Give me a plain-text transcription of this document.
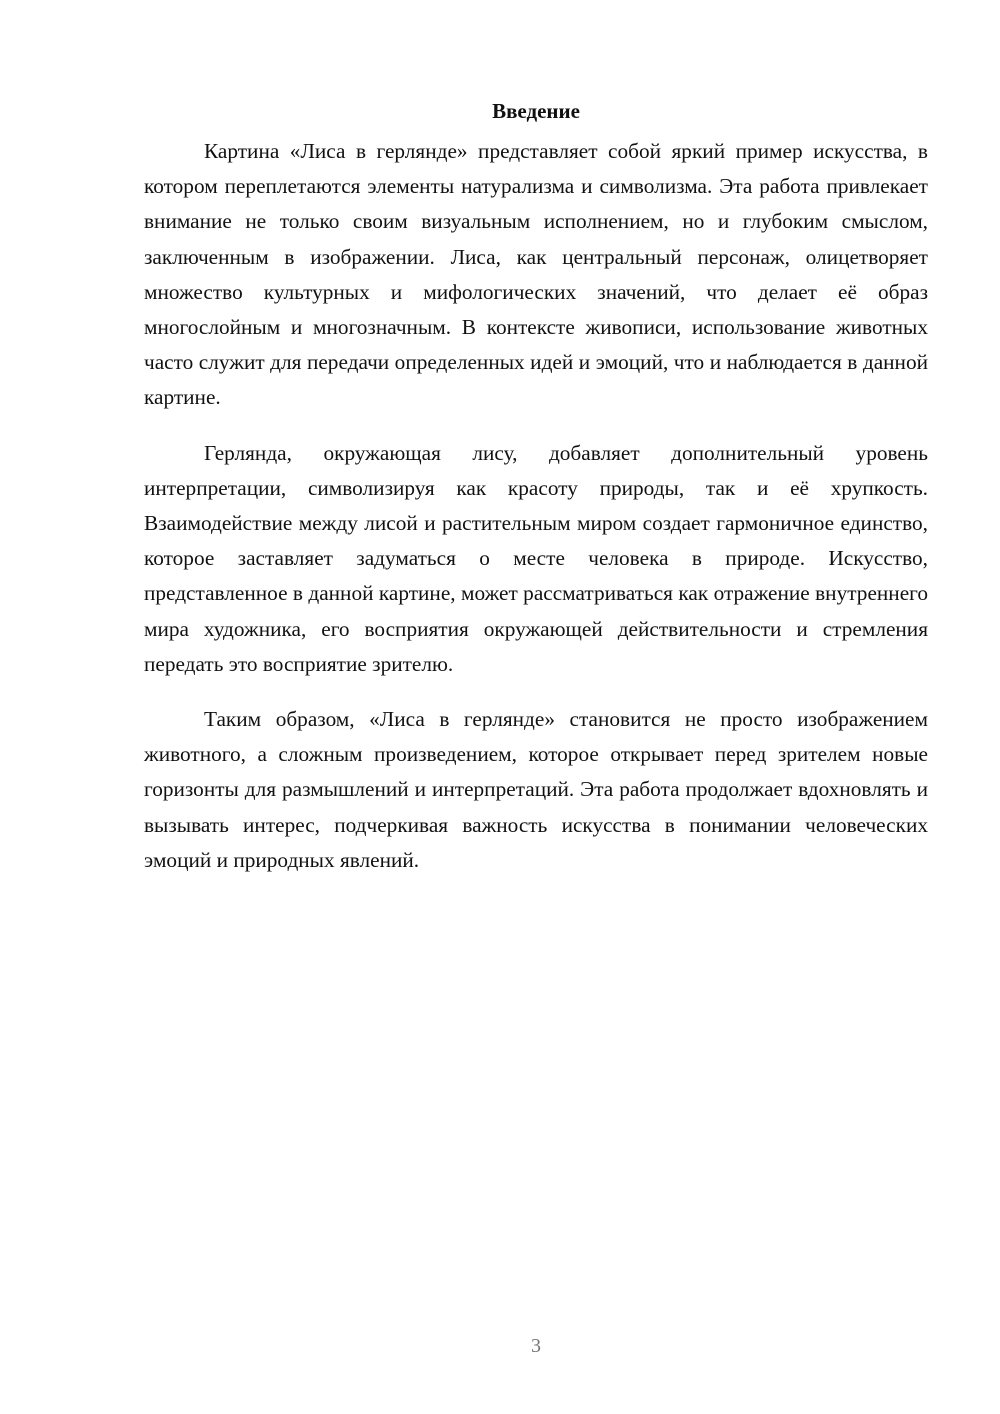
Введение

Картина «Лиса в герлянде» представляет собой яркий пример искусства, в котором переплетаются элементы натурализма и символизма. Эта работа привлекает внимание не только своим визуальным исполнением, но и глубоким смыслом, заключенным в изображении. Лиса, как центральный персонаж, олицетворяет множество культурных и мифологических значений, что делает её образ многослойным и многозначным. В контексте живописи, использование животных часто служит для передачи определенных идей и эмоций, что и наблюдается в данной картине.

Герлянда, окружающая лису, добавляет дополнительный уровень интерпретации, символизируя как красоту природы, так и её хрупкость. Взаимодействие между лисой и растительным миром создает гармоничное единство, которое заставляет задуматься о месте человека в природе. Искусство, представленное в данной картине, может рассматриваться как отражение внутреннего мира художника, его восприятия окружающей действительности и стремления передать это восприятие зрителю.

Таким образом, «Лиса в герлянде» становится не просто изображением животного, а сложным произведением, которое открывает перед зрителем новые горизонты для размышлений и интерпретаций. Эта работа продолжает вдохновлять и вызывать интерес, подчеркивая важность искусства в понимании человеческих эмоций и природных явлений.

3
